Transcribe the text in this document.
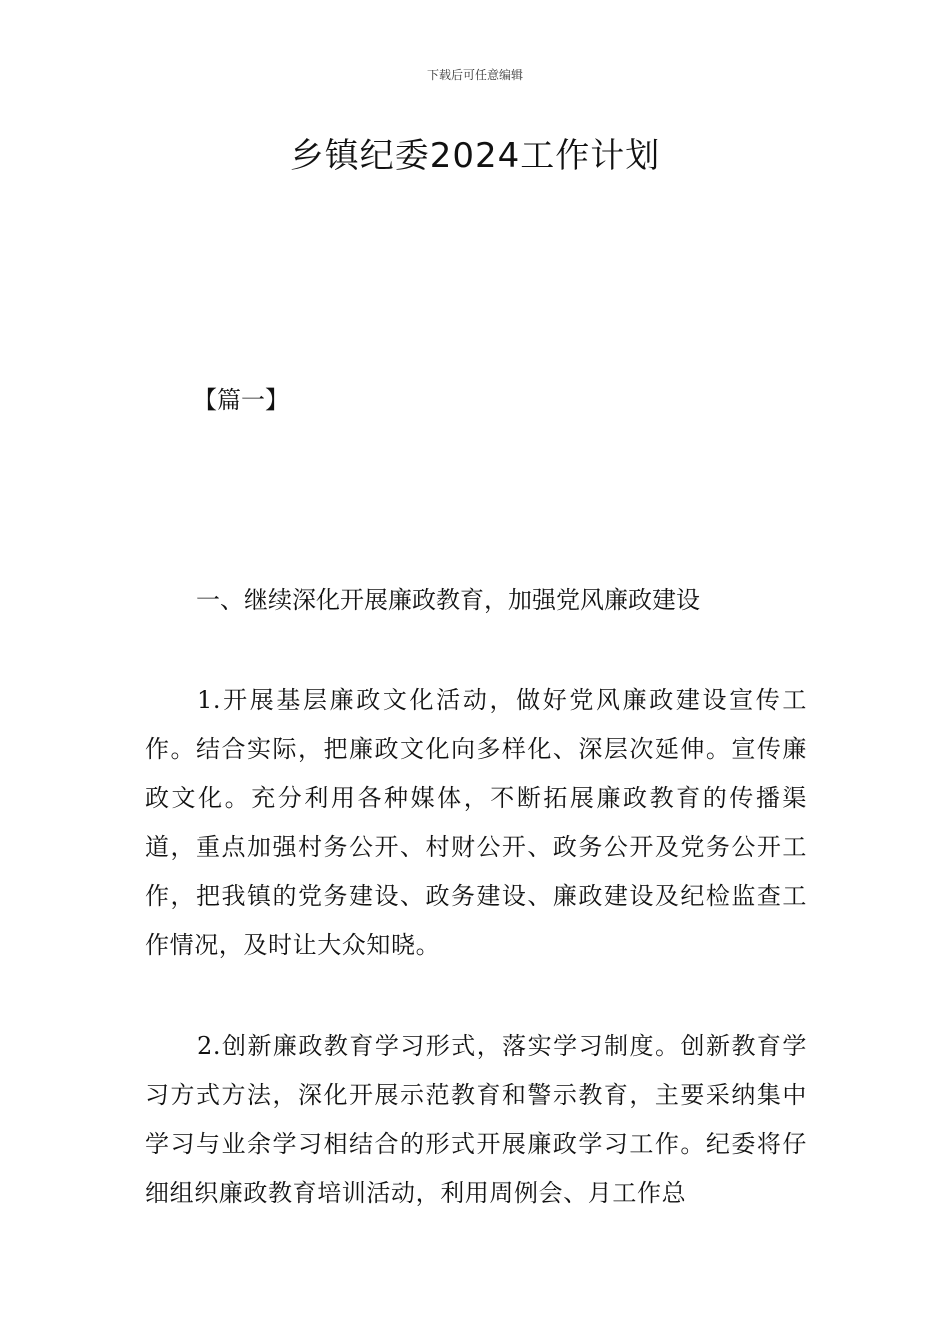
下载后可任意编辑
乡镇纪委2024工作计划
【篇一】
一、继续深化开展廉政教育，加强党风廉政建设

1.开展基层廉政文化活动，做好党风廉政建设宣传工作。结合实际，把廉政文化向多样化、深层次延伸。宣传廉政文化。充分利用各种媒体，不断拓展廉政教育的传播渠道，重点加强村务公开、村财公开、政务公开及党务公开工作，把我镇的党务建设、政务建设、廉政建设及纪检监查工作情况，及时让大众知晓。

2.创新廉政教育学习形式，落实学习制度。创新教育学习方式方法，深化开展示范教育和警示教育，主要采纳集中学习与业余学习相结合的形式开展廉政学习工作。纪委将仔细组织廉政教育培训活动，利用周例会、月工作总
